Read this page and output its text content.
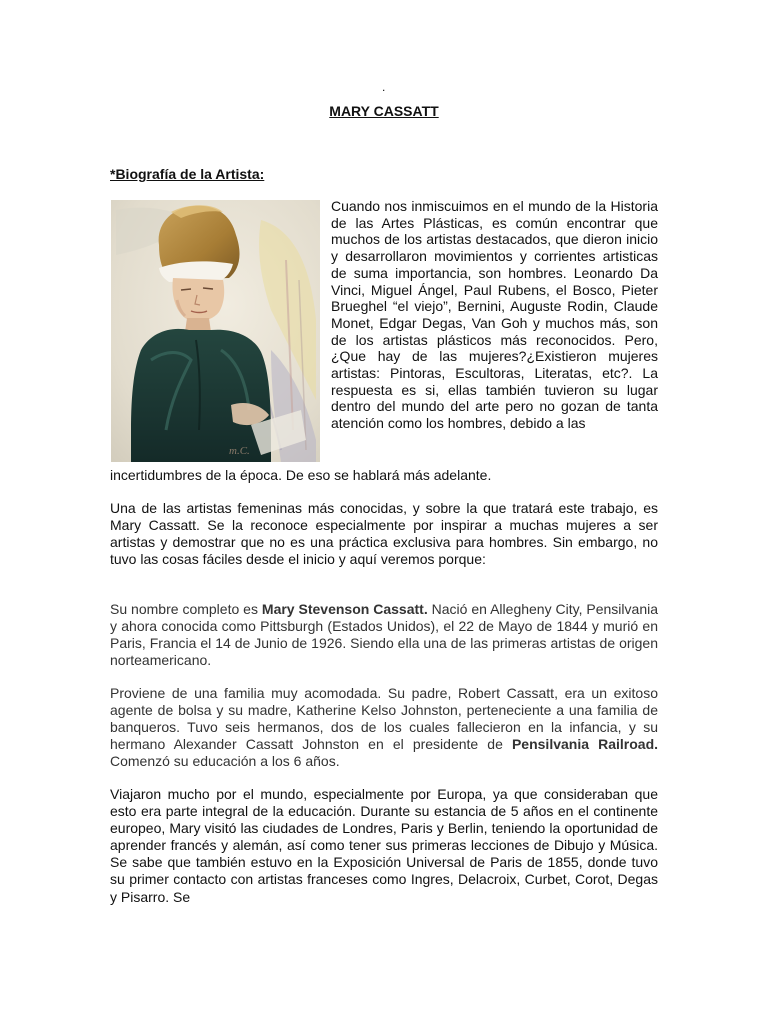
.
MARY CASSATT
*Biografía de la Artista:
m.C.

Cuando nos inmiscuimos en el mundo de la Historia de las Artes Plásticas, es común encontrar que muchos de los artistas destacados, que dieron inicio y desarrollaron movimientos y corrientes artisticas de suma importancia, son hombres. Leonardo Da Vinci, Miguel Ángel, Paul Rubens, el Bosco, Pieter Brueghel “el viejo”, Bernini, Auguste Rodin, Claude Monet, Edgar Degas, Van Goh y muchos más, son de los artistas plásticos más reconocidos. Pero, ¿Que hay de las mujeres?¿Existieron mujeres artistas: Pintoras, Escultoras, Literatas, etc?. La respuesta es si, ellas también tuvieron su lugar dentro del mundo del arte pero no gozan de tanta atención como los hombres, debido a las

incertidumbres de la época. De eso se hablará más adelante.

Una de las artistas femeninas más conocidas, y sobre la que tratará este trabajo, es Mary Cassatt. Se la reconoce especialmente por inspirar a muchas mujeres a ser artistas y demostrar que no es una práctica exclusiva para hombres. Sin embargo, no tuvo las cosas fáciles desde el inicio y aquí veremos porque:

Su nombre completo es Mary Stevenson Cassatt. Nació en Allegheny City, Pensilvania y ahora conocida como Pittsburgh (Estados Unidos), el 22 de Mayo de 1844 y murió en Paris, Francia el 14 de Junio de 1926. Siendo ella una de las primeras artistas de origen norteamericano.

Proviene de una familia muy acomodada. Su padre, Robert Cassatt, era un exitoso agente de bolsa y su madre, Katherine Kelso Johnston, perteneciente a una familia de banqueros. Tuvo seis hermanos, dos de los cuales fallecieron en la infancia, y su hermano Alexander Cassatt Johnston en el presidente de Pensilvania Railroad. Comenzó su educación a los 6 años.

Viajaron mucho por el mundo, especialmente por Europa, ya que consideraban que esto era parte integral de la educación. Durante su estancia de 5 años en el continente europeo, Mary visitó las ciudades de Londres, Paris y Berlin, teniendo la oportunidad de aprender francés y alemán, así como tener sus primeras lecciones de Dibujo y Música. Se sabe que también estuvo en la Exposición Universal de Paris de 1855, donde tuvo su primer contacto con artistas franceses como Ingres, Delacroix, Curbet, Corot, Degas y Pisarro. Se
